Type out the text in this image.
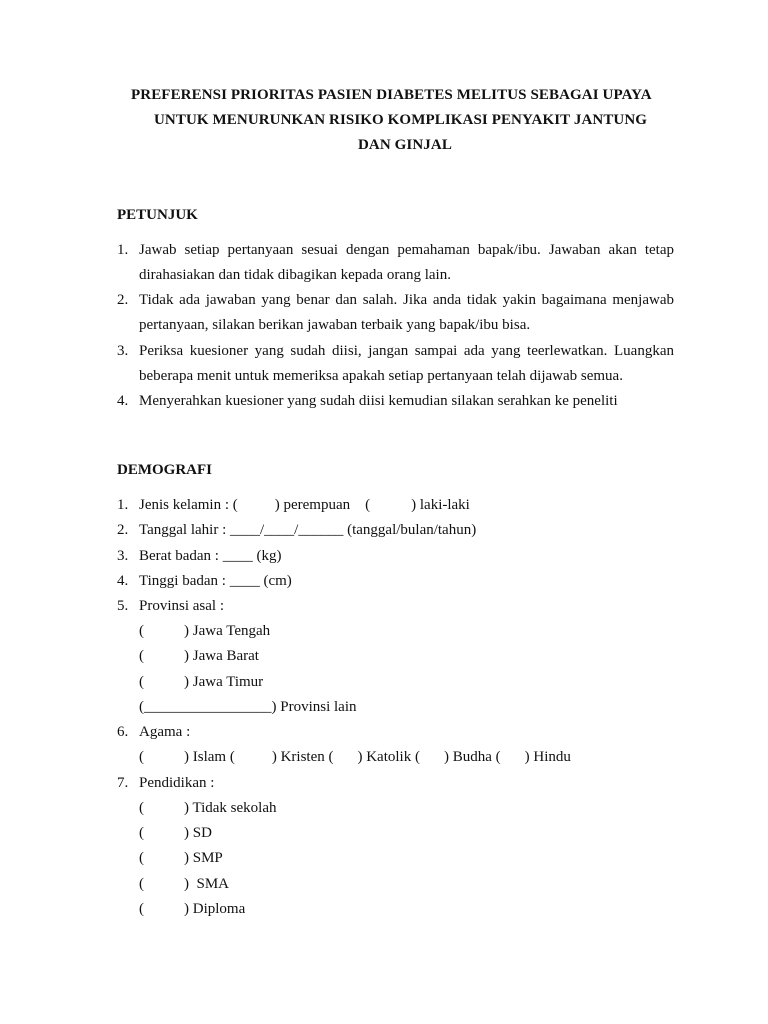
PREFERENSI PRIORITAS PASIEN DIABETES MELITUS SEBAGAI UPAYA
UNTUK MENURUNKAN RISIKO KOMPLIKASI PENYAKIT JANTUNG
DAN GINJAL
PETUNJUK
1. Jawab setiap pertanyaan sesuai dengan pemahaman bapak/ibu. Jawaban akan tetap
dirahasiakan dan tidak dibagikan kepada orang lain.
2. Tidak ada jawaban yang benar dan salah. Jika anda tidak yakin bagaimana menjawab
pertanyaan, silakan berikan jawaban terbaik yang bapak/ibu bisa.
3. Periksa kuesioner yang sudah diisi, jangan sampai ada yang teerlewatkan. Luangkan
beberapa menit untuk memeriksa apakah setiap pertanyaan telah dijawab semua.
4. Menyerahkan kuesioner yang sudah diisi kemudian silakan serahkan ke peneliti
DEMOGRAFI
1. Jenis kelamin : ( ) perempuan (	) laki-laki
2. Tanggal lahir : ____/____/______ (tanggal/bulan/tahun)
3. Berat badan : ____ (kg)
4. Tinggi badan : ____ (cm)
5. Provinsi asal :
(	) Jawa Tengah
(	) Jawa Barat
(	) Jawa Timur
(_________________) Provinsi lain
6. Agama :
(	) Islam ( ) Kristen ( ) Katolik ( ) Budha ( ) Hindu
7. Pendidikan :
(	) Tidak sekolah
(	) SD
(	) SMP
(	)  SMA
(	) Diploma
